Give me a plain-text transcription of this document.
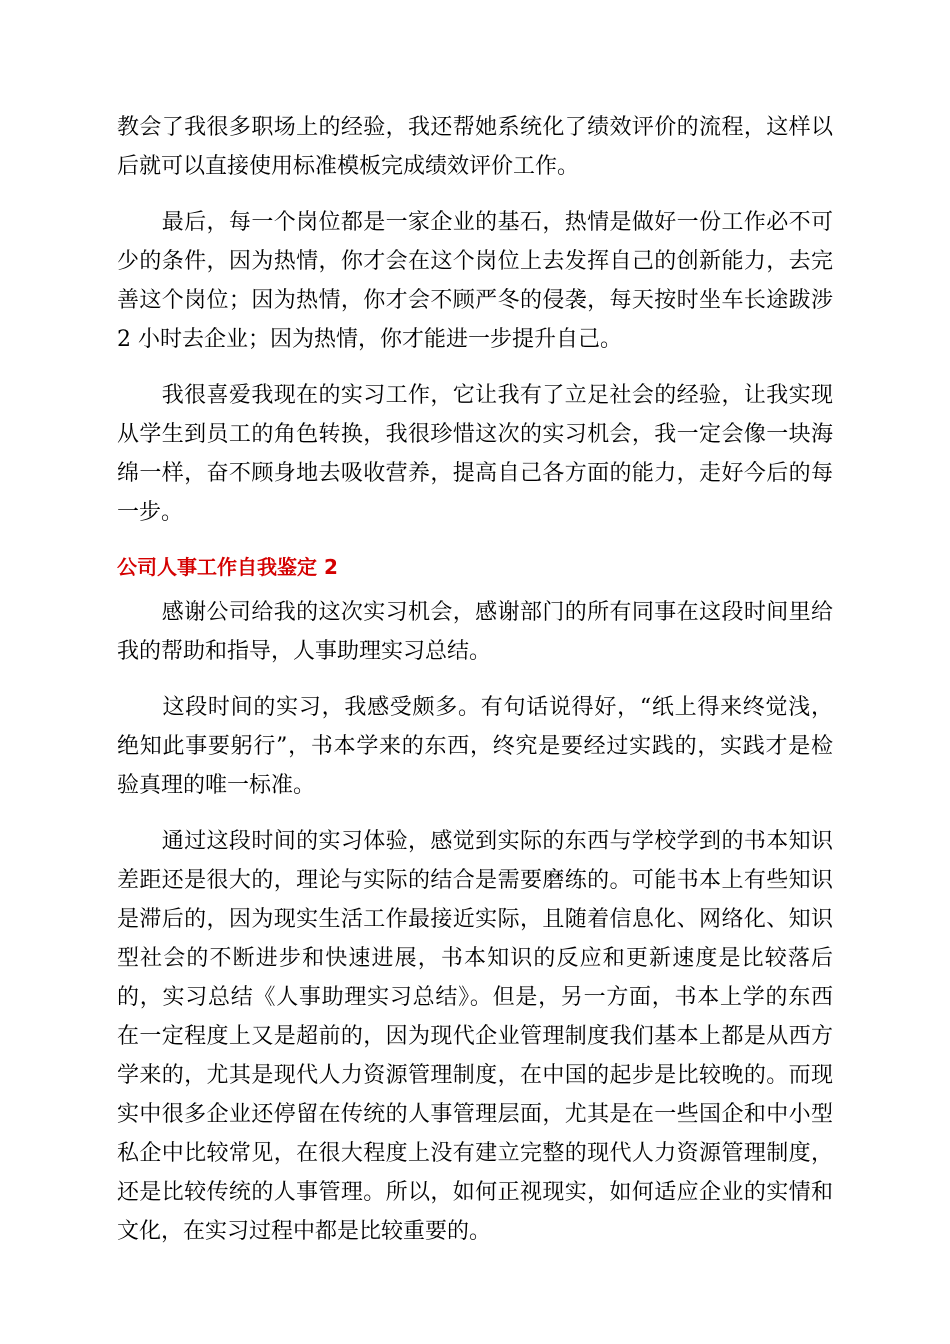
教会了我很多职场上的经验，我还帮她系统化了绩效评价的流程，这样以
后就可以直接使用标准模板完成绩效评价工作。
　　最后，每一个岗位都是一家企业的基石，热情是做好一份工作必不可
少的条件，因为热情，你才会在这个岗位上去发挥自己的创新能力，去完
善这个岗位；因为热情，你才会不顾严冬的侵袭，每天按时坐车长途跋涉
2 小时去企业；因为热情，你才能进一步提升自己。
　　我很喜爱我现在的实习工作，它让我有了立足社会的经验，让我实现
从学生到员工的角色转换，我很珍惜这次的实习机会，我一定会像一块海
绵一样，奋不顾身地去吸收营养，提高自己各方面的能力，走好今后的每
一步。
公司人事工作自我鉴定 2
　　感谢公司给我的这次实习机会，感谢部门的所有同事在这段时间里给
我的帮助和指导，人事助理实习总结。
　　这段时间的实习，我感受颇多。有句话说得好，“纸上得来终觉浅，
绝知此事要躬行”，书本学来的东西，终究是要经过实践的，实践才是检
验真理的唯一标准。
　　通过这段时间的实习体验，感觉到实际的东西与学校学到的书本知识
差距还是很大的，理论与实际的结合是需要磨练的。可能书本上有些知识
是滞后的，因为现实生活工作最接近实际，且随着信息化、网络化、知识
型社会的不断进步和快速进展，书本知识的反应和更新速度是比较落后
的，实习总结《人事助理实习总结》。但是，另一方面，书本上学的东西
在一定程度上又是超前的，因为现代企业管理制度我们基本上都是从西方
学来的，尤其是现代人力资源管理制度，在中国的起步是比较晚的。而现
实中很多企业还停留在传统的人事管理层面，尤其是在一些国企和中小型
私企中比较常见，在很大程度上没有建立完整的现代人力资源管理制度，
还是比较传统的人事管理。所以，如何正视现实，如何适应企业的实情和
文化，在实习过程中都是比较重要的。
